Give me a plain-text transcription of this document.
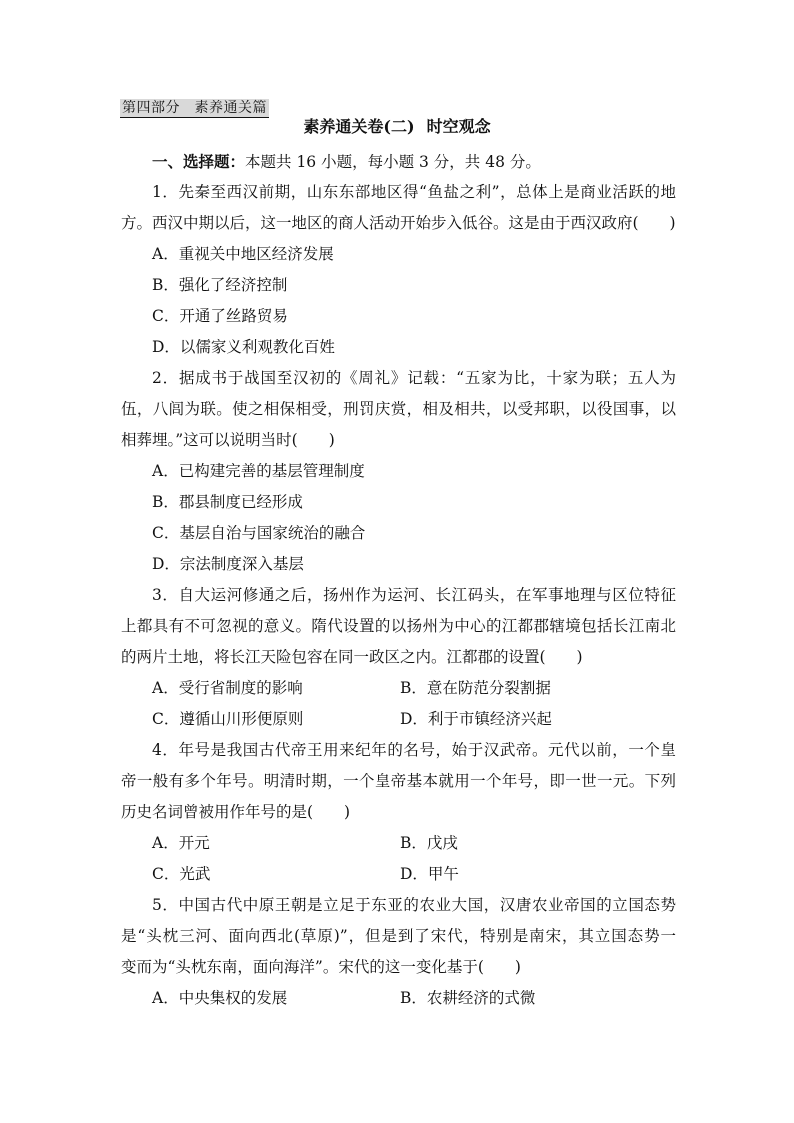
第四部分　素养通关篇
素养通关卷(二) 时空观念
一、选择题：本题共 16 小题，每小题 3 分，共 48 分。
1．先秦至西汉前期，山东东部地区得“鱼盐之利”，总体上是商业活跃的地
方。西汉中期以后，这一地区的商人活动开始步入低谷。这是由于西汉政府(　　)
A．重视关中地区经济发展
B．强化了经济控制
C．开通了丝路贸易
D．以儒家义利观教化百姓
2．据成书于战国至汉初的《周礼》记载：“五家为比，十家为联；五人为
伍，八闾为联。使之相保相受，刑罚庆赏，相及相共，以受邦职，以役国事，以
相葬埋。”这可以说明当时(　　)
A．已构建完善的基层管理制度
B．郡县制度已经形成
C．基层自治与国家统治的融合
D．宗法制度深入基层
3．自大运河修通之后，扬州作为运河、长江码头，在军事地理与区位特征
上都具有不可忽视的意义。隋代设置的以扬州为中心的江都郡辖境包括长江南北
的两片土地，将长江天险包容在同一政区之内。江都郡的设置(　　)
A．受行省制度的影响	B．意在防范分裂割据
C．遵循山川形便原则	D．利于市镇经济兴起
4．年号是我国古代帝王用来纪年的名号，始于汉武帝。元代以前，一个皇
帝一般有多个年号。明清时期，一个皇帝基本就用一个年号，即一世一元。下列
历史名词曾被用作年号的是(　　)
A．开元	B．戊戌
C．光武	D．甲午
5．中国古代中原王朝是立足于东亚的农业大国，汉唐农业帝国的立国态势
是“头枕三河、面向西北(草原)”，但是到了宋代，特别是南宋，其立国态势一
变而为“头枕东南，面向海洋”。宋代的这一变化基于(　　)
A．中央集权的发展	B．农耕经济的式微
